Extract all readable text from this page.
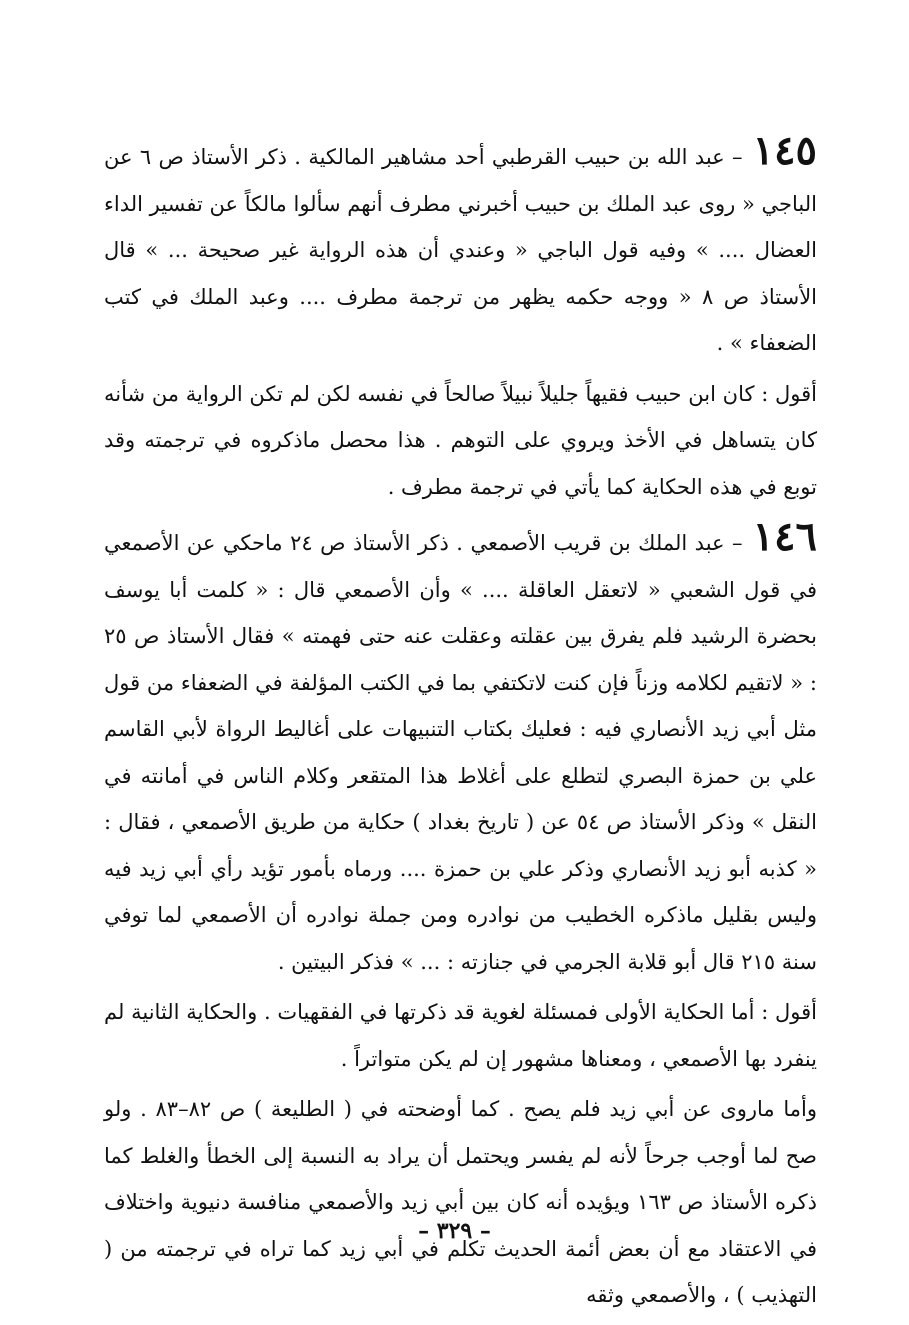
١٤٥– عبد الله بن حبيب القرطبي أحد مشاهير المالكية . ذكر الأستاذ ص ٦ عن الباجي « روى عبد الملك بن حبيب أخبرني مطرف أنهم سألوا مالكاً عن تفسير الداء العضال .... » وفيه قول الباجي « وعندي أن هذه الرواية غير صحيحة ... » قال الأستاذ ص ٨ « ووجه حكمه يظهر من ترجمة مطرف .... وعبد الملك في كتب الضعفاء » .

أقول : كان ابن حبيب فقيهاً جليلاً نبيلاً صالحاً في نفسه لكن لم تكن الرواية من شأنه كان يتساهل في الأخذ ويروي على التوهم . هذا محصل ماذكروه في ترجمته وقد توبع في هذه الحكاية كما يأتي في ترجمة مطرف .

١٤٦– عبد الملك بن قريب الأصمعي . ذكر الأستاذ ص ٢٤ ماحكي عن الأصمعي في قول الشعبي « لاتعقل العاقلة .... » وأن الأصمعي قال : « كلمت أبا يوسف بحضرة الرشيد فلم يفرق بين عقلته وعقلت عنه حتى فهمته » فقال الأستاذ ص ٢٥ : « لاتقيم لكلامه وزناً فإن كنت لاتكتفي بما في الكتب المؤلفة في الضعفاء من قول مثل أبي زيد الأنصاري فيه : فعليك بكتاب التنبيهات على أغاليط الرواة لأبي القاسم علي بن حمزة البصري لتطلع على أغلاط هذا المتقعر وكلام الناس في أمانته في النقل » وذكر الأستاذ ص ٥٤ عن ( تاريخ بغداد ) حكاية من طريق الأصمعي ، فقال : « كذبه أبو زيد الأنصاري وذكر علي بن حمزة .... ورماه بأمور تؤيد رأي أبي زيد فيه وليس بقليل ماذكره الخطيب من نوادره ومن جملة نوادره أن الأصمعي لما توفي سنة ٢١٥ قال أبو قلابة الجرمي في جنازته : ... » فذكر البيتين .

أقول : أما الحكاية الأولى فمسئلة لغوية قد ذكرتها في الفقهيات . والحكاية الثانية لم ينفرد بها الأصمعي ، ومعناها مشهور إن لم يكن متواتراً .

وأما ماروى عن أبي زيد فلم يصح . كما أوضحته في ( الطليعة ) ص ٨٢–٨٣ . ولو صح لما أوجب جرحاً لأنه لم يفسر ويحتمل أن يراد به النسبة إلى الخطأ والغلط كما ذكره الأستاذ ص ١٦٣ ويؤيده أنه كان بين أبي زيد والأصمعي منافسة دنيوية واختلاف في الاعتقاد مع أن بعض أئمة الحديث تكلم في أبي زيد كما تراه في ترجمته من ( التهذيب ) ، والأصمعي وثقه

– ٣٢٩ –
